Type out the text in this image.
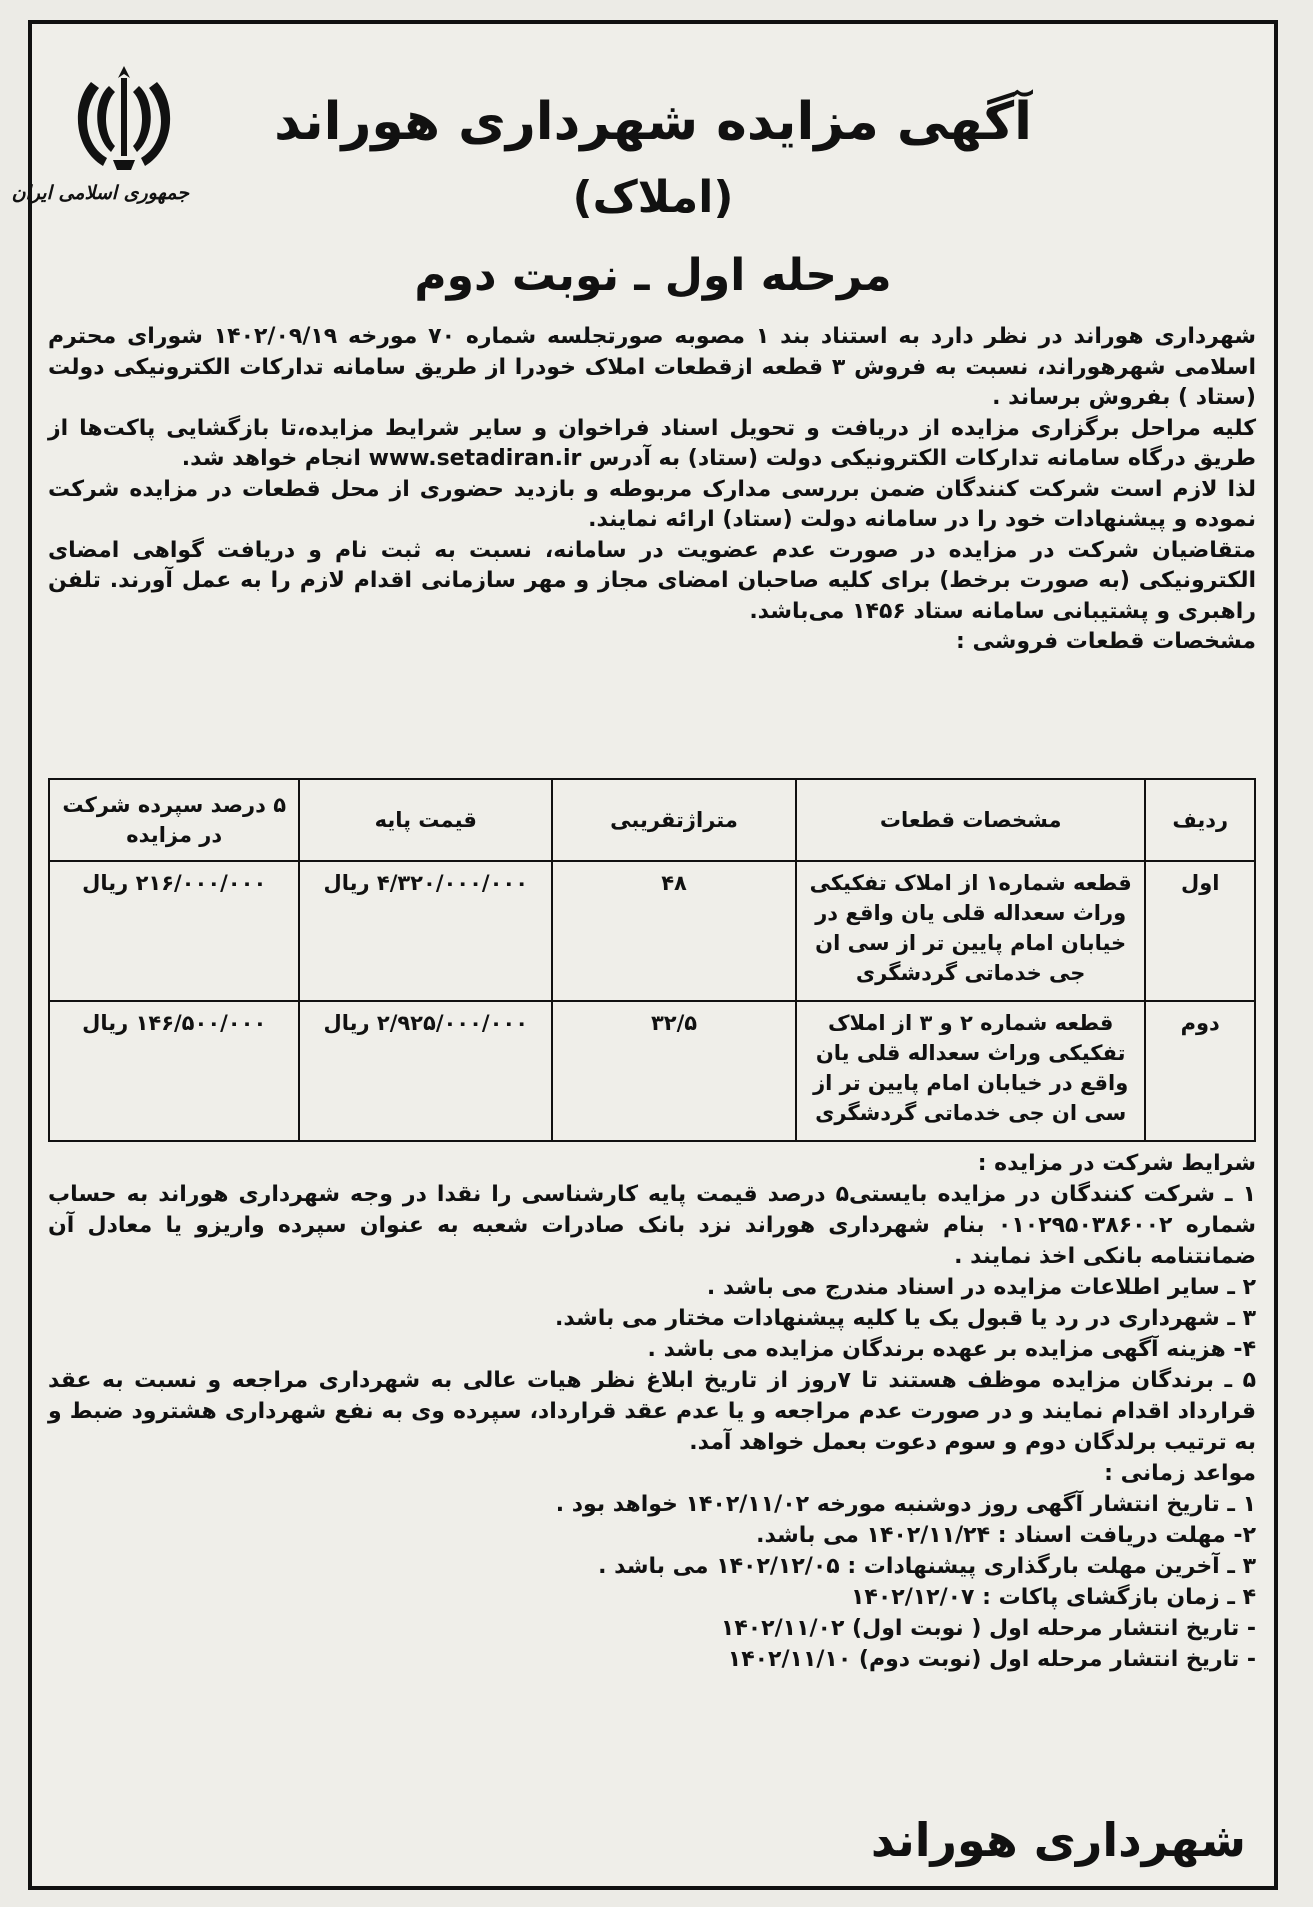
جمهوری اسلامی ایران
آگهی مزایده شهرداری هوراند
(املاک)
مرحله اول ـ نوبت دوم

شهرداری هوراند در نظر دارد به استناد بند ۱ مصوبه صورتجلسه شماره ۷۰ مورخه ۱۴۰۲/۰۹/۱۹ شورای محترم اسلامی شهرهوراند، نسبت به فروش ۳ قطعه ازقطعات املاک خودرا از طریق سامانه تدارکات الکترونیکی دولت (ستاد ) بفروش برساند .

کلیه مراحل برگزاری مزایده از دریافت و تحویل اسناد فراخوان و سایر شرایط مزایده،تا بازگشایی پاکت‌ها از طریق درگاه سامانه تدارکات الکترونیکی دولت (ستاد) به آدرس www.setadiran.ir انجام خواهد شد.

لذا لازم است شرکت کنندگان ضمن بررسی مدارک مربوطه و بازدید حضوری از محل قطعات در مزایده شرکت نموده و پیشنهادات خود را در سامانه دولت (ستاد) ارائه نمایند.

متقاضیان شرکت در مزایده در صورت عدم عضویت در سامانه، نسبت به ثبت نام و دریافت گواهی امضای الکترونیکی (به صورت برخط) برای کلیه صاحبان امضای مجاز و مهر سازمانی اقدام لازم را به عمل آورند. تلفن راهبری و پشتیبانی سامانه ستاد ۱۴۵۶ می‌باشد.

مشخصات قطعات فروشی :

ردیف	مشخصات قطعات	متراژتقریبی	قیمت پایه	۵ درصد سپرده شرکت در مزایده
اول	قطعه شماره۱ از املاک تفکیکی وراث سعداله قلی یان واقع در خیابان امام پایین تر از سی ان جی خدماتی گردشگری	۴۸	۴/۳۲۰/۰۰۰/۰۰۰ ریال	۲۱۶/۰۰۰/۰۰۰ ریال
دوم	قطعه شماره ۲ و ۳ از املاک تفکیکی وراث سعداله قلی یان واقع در خیابان امام پایین تر از سی ان جی خدماتی گردشگری	۳۲/۵	۲/۹۲۵/۰۰۰/۰۰۰ ریال	۱۴۶/۵۰۰/۰۰۰ ریال

شرایط شرکت در مزایده :

۱ ـ شرکت کنندگان در مزایده بایستی۵ درصد قیمت پایه کارشناسی را نقدا در وجه شهرداری هوراند به حساب شماره ۰۱۰۲۹۵۰۳۸۶۰۰۲ بنام شهرداری هوراند نزد بانک صادرات شعبه به عنوان سپرده واریزو یا معادل آن ضمانتنامه بانکی اخذ نمایند .

۲ ـ سایر اطلاعات مزایده در اسناد مندرج می باشد .

۳ ـ شهرداری در رد یا قبول یک یا کلیه پیشنهادات مختار می باشد.

۴- هزینه آگهی مزایده بر عهده برندگان مزایده می باشد .

۵ ـ برندگان مزایده موظف هستند تا ۷روز از تاریخ ابلاغ نظر هیات عالی به شهرداری مراجعه و نسبت به عقد قرارداد اقدام نمایند و در صورت عدم مراجعه و یا عدم عقد قرارداد، سپرده وی به نفع شهرداری هشترود ضبط و به ترتیب برلدگان دوم و سوم دعوت بعمل خواهد آمد.

مواعد زمانی :

۱ ـ تاریخ انتشار آگهی روز دوشنبه مورخه ۱۴۰۲/۱۱/۰۲ خواهد بود .

۲- مهلت دریافت اسناد : ۱۴۰۲/۱۱/۲۴ می باشد.

۳ ـ آخرین مهلت بارگذاری پیشنهادات : ۱۴۰۲/۱۲/۰۵ می باشد .

۴ ـ زمان بازگشای پاکات : ۱۴۰۲/۱۲/۰۷

- تاریخ انتشار مرحله اول ( نوبت اول) ۱۴۰۲/۱۱/۰۲

- تاریخ انتشار مرحله اول (نوبت دوم) ۱۴۰۲/۱۱/۱۰

شهرداری هوراند
